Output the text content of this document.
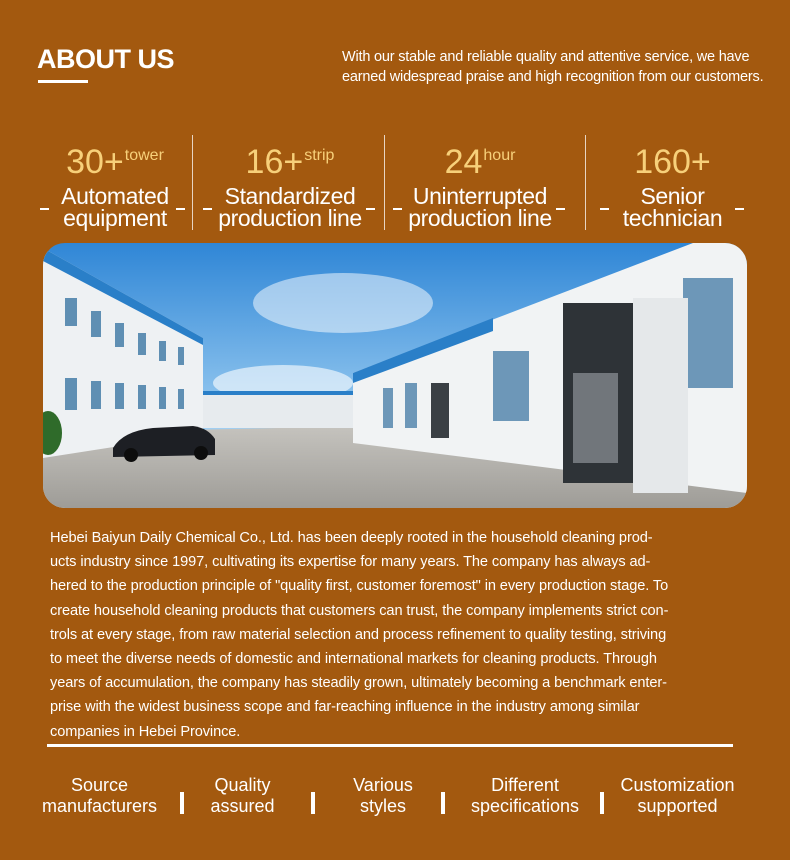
ABOUT US	With our stable and reliable quality and attentive service, we have
earned widespread praise and high recognition from our customers.
30+$^{tower}$
Automated
equipment
16+$^{strip}$
Standardized
production line
$24^{hour}$
Uninterrupted
production line
160+
Senior
technician

Hebei Baiyun Daily Chemical Co., Ltd. has been deeply rooted in the household cleaning prod-

ucts industry since 1997, cultivating its expertise for many years. The company has always ad-

hered to the production principle of "quality first, customer foremost" in every production stage. To

create household cleaning products that customers can trust, the company implements strict con-

trols at every stage, from raw material selection and process refinement to quality testing, striving

to meet the diverse needs of domestic and international markets for cleaning products. Through

years of accumulation, the company has steadily grown, ultimately becoming a benchmark enter-

prise with the widest business scope and far-reaching influence in the industry among similar

companies in Hebei Province.

Source
manufacturers
Quality
assured
Various
styles
Different
specifications
Customization
supported
